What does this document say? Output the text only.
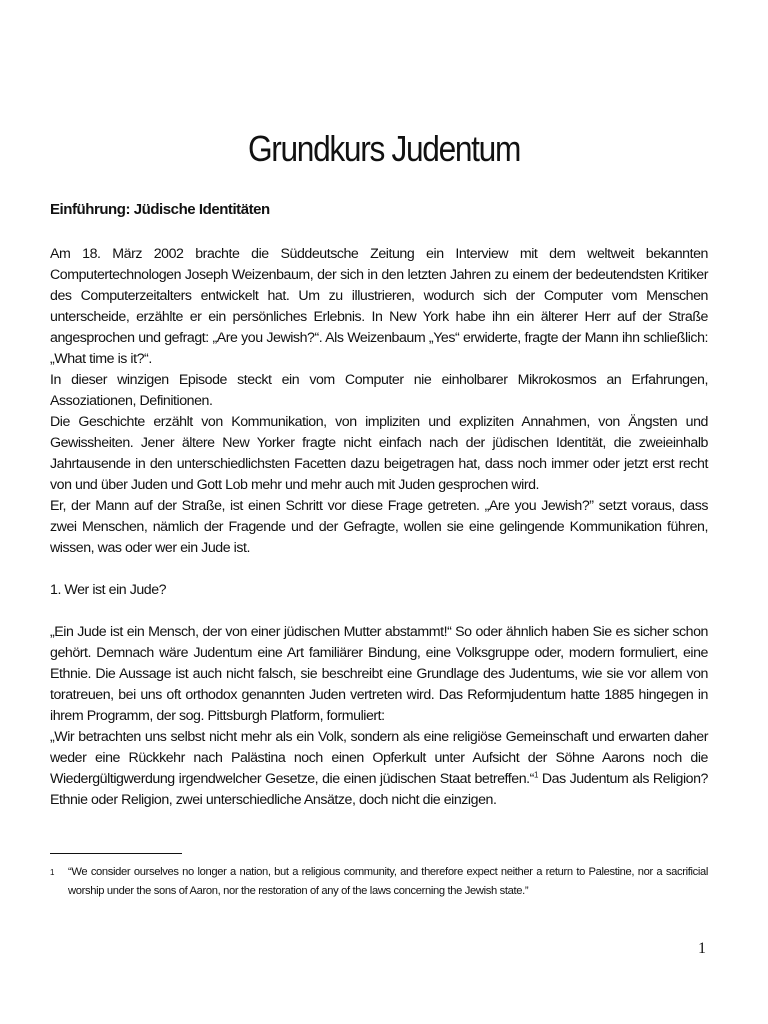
Grundkurs Judentum

Einführung: Jüdische Identitäten

Am 18. März 2002 brachte die Süddeutsche Zeitung ein Interview mit dem weltweit bekannten Computertechnologen Joseph Weizenbaum, der sich in den letzten Jahren zu einem der bedeutendsten Kritiker des Computerzeitalters entwickelt hat. Um zu illustrieren, wodurch sich der Computer vom Menschen unterscheide, erzählte er ein persönliches Erlebnis. In New York habe ihn ein älterer Herr auf der Straße angesprochen und gefragt: „Are you Jewish?“. Als Weizenbaum „Yes“ erwiderte, fragte der Mann ihn schließlich: „What time is it?“.

In dieser winzigen Episode steckt ein vom Computer nie einholbarer Mikrokosmos an Erfahrungen, Assoziationen, Definitionen.

Die Geschichte erzählt von Kommunikation, von impliziten und expliziten Annahmen, von Ängsten und Gewissheiten. Jener ältere New Yorker fragte nicht einfach nach der jüdischen Identität, die zweieinhalb Jahrtausende in den unterschiedlichsten Facetten dazu beigetragen hat, dass noch immer oder jetzt erst recht von und über Juden und Gott Lob mehr und mehr auch mit Juden gesprochen wird.

Er, der Mann auf der Straße, ist einen Schritt vor diese Frage getreten. „Are you Jewish?” setzt voraus, dass zwei Menschen, nämlich der Fragende und der Gefragte, wollen sie eine gelingende Kommunikation führen, wissen, was oder wer ein Jude ist.

1. Wer ist ein Jude?

„Ein Jude ist ein Mensch, der von einer jüdischen Mutter abstammt!“ So oder ähnlich haben Sie es sicher schon gehört. Demnach wäre Judentum eine Art familiärer Bindung, eine Volksgruppe oder, modern formuliert, eine Ethnie. Die Aussage ist auch nicht falsch, sie beschreibt eine Grundlage des Judentums, wie sie vor allem von toratreuen, bei uns oft orthodox genannten Juden vertreten wird. Das Reformjudentum hatte 1885 hingegen in ihrem Programm, der sog. Pittsburgh Platform, formuliert:

„Wir betrachten uns selbst nicht mehr als ein Volk, sondern als eine religiöse Gemeinschaft und erwarten daher weder eine Rückkehr nach Palästina noch einen Opferkult unter Aufsicht der Söhne Aarons noch die Wiedergültigwerdung irgendwelcher Gesetze, die einen jüdischen Staat betreffen.“$^1$ Das Judentum als Religion? Ethnie oder Religion, zwei unterschiedliche Ansätze, doch nicht die einzigen.

1 “We consider ourselves no longer a nation, but a religious community, and therefore expect neither a return to Palestine, nor a sacrificial worship under the sons of Aaron, nor the restoration of any of the laws concerning the Jewish state.”
1
